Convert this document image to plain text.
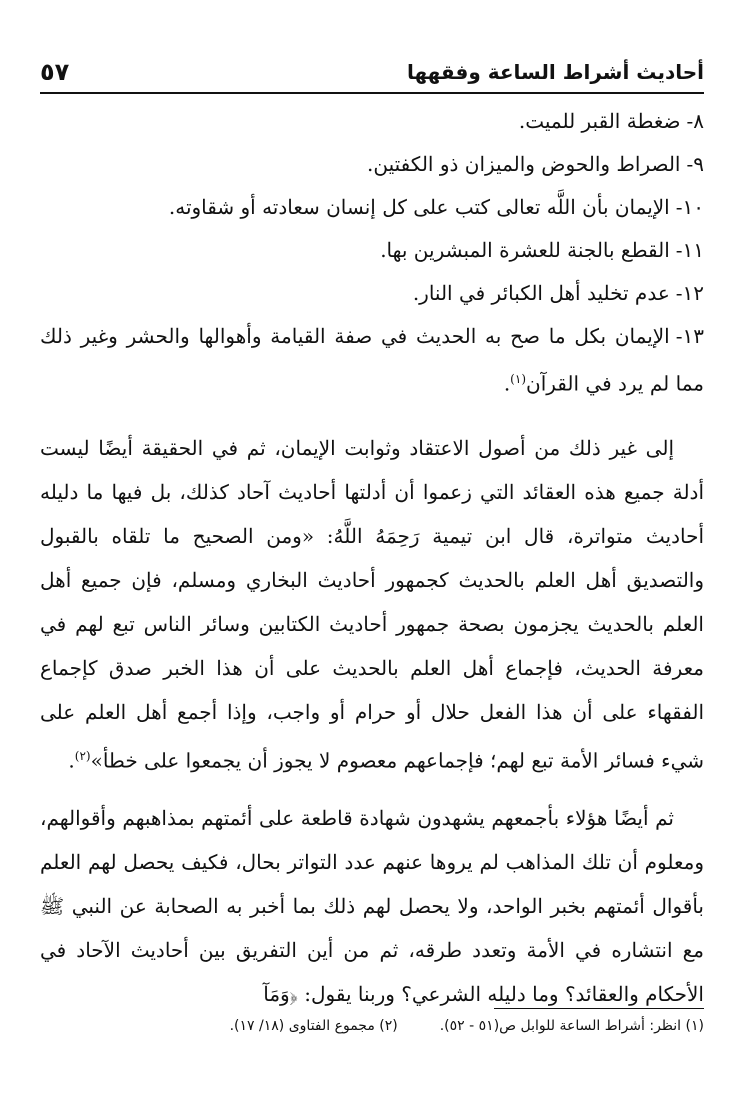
أحاديث أشراط الساعة وفقهها
٥٧

٨-ضغطة القبر للميت.

٩-الصراط والحوض والميزان ذو الكفتين.

١٠-الإيمان بأن اللَّه تعالى كتب على كل إنسان سعادته أو شقاوته.

١١-القطع بالجنة للعشرة المبشرين بها.

١٢-عدم تخليد أهل الكبائر في النار.

١٣-الإيمان بكل ما صح به الحديث في صفة القيامة وأهوالها والحشر وغير ذلك مما لم يرد في القرآن$^{(١)}$.

إلى غير ذلك من أصول الاعتقاد وثوابت الإيمان، ثم في الحقيقة أيضًا ليست أدلة جميع هذه العقائد التي زعموا أن أدلتها أحاديث آحاد كذلك، بل فيها ما دليله أحاديث متواترة، قال ابن تيمية رَحِمَهُ اللَّهُ: «ومن الصحيح ما تلقاه بالقبول والتصديق أهل العلم بالحديث كجمهور أحاديث البخاري ومسلم، فإن جميع أهل العلم بالحديث يجزمون بصحة جمهور أحاديث الكتابين وسائر الناس تبع لهم في معرفة الحديث، فإجماع أهل العلم بالحديث على أن هذا الخبر صدق كإجماع الفقهاء على أن هذا الفعل حلال أو حرام أو واجب، وإذا أجمع أهل العلم على شيء فسائر الأمة تبع لهم؛ فإجماعهم معصوم لا يجوز أن يجمعوا على خطأ»$^{(٢)}$.

ثم أيضًا هؤلاء بأجمعهم يشهدون شهادة قاطعة على أئمتهم بمذاهبهم وأقوالهم، ومعلوم أن تلك المذاهب لم يروها عنهم عدد التواتر بحال، فكيف يحصل لهم العلم بأقوال أئمتهم بخبر الواحد، ولا يحصل لهم ذلك بما أخبر به الصحابة عن النبي ﷺ مع انتشاره في الأمة وتعدد طرقه، ثم من أين التفريق بين أحاديث الآحاد في الأحكام والعقائد؟ وما دليله الشرعي؟ وربنا يقول: ﴿وَمَآ

(١) انظر: أشراط الساعة للوابل ص(٥١ - ٥٢).
(٢) مجموع الفتاوى (١٨/ ١٧).
